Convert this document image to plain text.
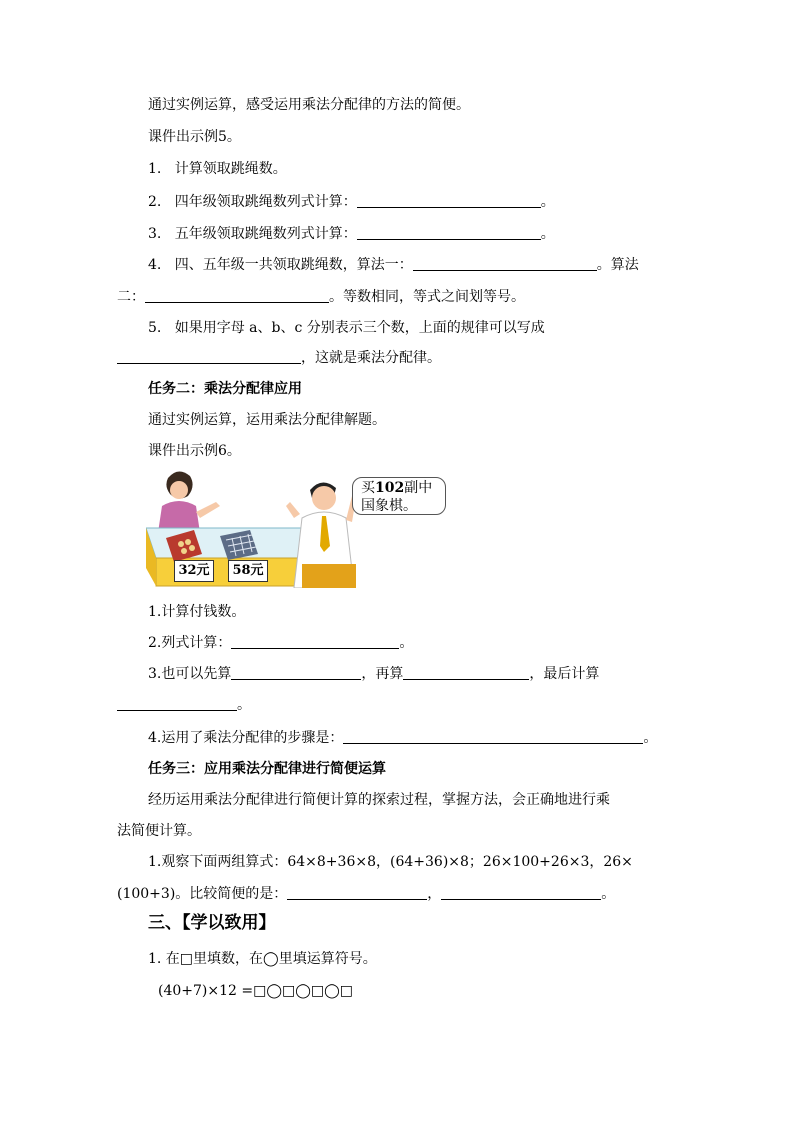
通过实例运算，感受运用乘法分配律的方法的简便。
课件出示例5。
1. 计算领取跳绳数。
2. 四年级领取跳绳数列式计算：	。
3. 五年级领取跳绳数列式计算：	。
4. 四、五年级一共领取跳绳数，算法一：	。算法
二：	。等数相同，等式之间划等号。
5. 如果用字母 a、b、c 分别表示三个数，上面的规律可以写成
，这就是乘法分配律。
任务二：乘法分配律应用
通过实例运算，运用乘法分配律解题。
课件出示例6。
32元	58元
买102副中
国象棋。
1.计算付钱数。
2.列式计算：	。
3.也可以先算	，再算	，最后计算
。
4.运用了乘法分配律的步骤是：	。
任务三：应用乘法分配律进行简便运算
经历运用乘法分配律进行简便计算的探索过程，掌握方法，会正确地进行乘
法简便计算。
1.观察下面两组算式：64×8+36×8，(64+36)×8；26×100+26×3，26×
(100+3)。比较简便的是：	，	。
三、【学以致用】
1. 在□里填数，在◯里填运算符号。
(40+7)×12 =□◯□◯□◯□
